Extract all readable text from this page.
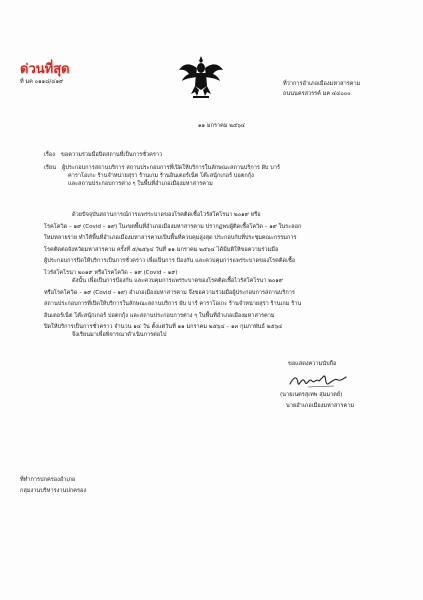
ด่วนที่สุด
ที่ มค ๐๑๑๘/๔๑๙	ที่ว่าการอำเภอเมืองมหาสารคาม
ถนนนครสวรรค์ มค ๔๔๐๐๐
๑๑ มกราคม ๒๕๖๔
เรื่อง ขอความร่วมมือปิดสถานที่เป็นการชั่วคราว
เรียน ผู้ประกอบการสถานบริการ สถานประกอบการที่เปิดให้บริการในลักษณะสถานบริการ ผับ บาร์
คาราโอเกะ ร้านจำหน่ายสุรา ร้านเกม ร้านอินเตอร์เน็ต โต๊ะสนุ้กเกอร์ บ่อตกกุ้ง
และสถานประกอบการต่าง ๆ ในพื้นที่อำเภอเมืองมหาสารคาม
ด้วยปัจจุบันสถานการณ์การแพร่ระบาดของโรคติดเชื้อไวรัสโคโรนา ๒๐๑๙ หรือ
โรคโควิด – ๑๙ (Covid – ๑๙) ในเขตพื้นที่อำเภอเมืองมหาสารคาม ปรากฏพบผู้ติดเชื้อโควิด – ๑๙ ในระลอก
ใหม่หลายราย ทำให้พื้นที่อำเภอเมืองมหาสารคามเป็นพื้นที่ควบคุมสูงสุด ประกอบกับที่ประชุมคณะกรรมการ
โรคติดต่อจังหวัดมหาสารคาม ครั้งที่ ๕/๒๕๖๔ วันที่ ๑๑ มกราคม ๒๕๖๔ ได้มีมติให้ขอความร่วมมือ
ผู้ประกอบการปิดให้บริการเป็นการชั่วคราว เพื่อเป็นการ ป้องกัน และควบคุมการแพร่ระบาดของโรคติดเชื้อ
ไวรัสโคโรนา ๒๐๑๙ หรือโรคโควิด – ๑๙ (Covid – ๑๙)
ดังนั้น เพื่อเป็นการป้องกัน และควบคุมการแพร่ระบาดของโรคติดเชื้อไวรัสโคโรนา ๒๐๑๙
หรือโรคโควิด – ๑๙ (Covid – ๑๙) อำเภอเมืองมหาสารคาม จึงขอความร่วมมือผู้ประกอบการสถานบริการ
สถานประกอบการที่เปิดให้บริการในลักษณะสถานบริการ ผับ บาร์ คาราโอเกะ ร้านจำหน่ายสุรา ร้านเกม ร้าน
อินเตอร์เน็ต โต๊ะสนุ้กเกอร์ บ่อตกกุ้ง และสถานประกอบการต่าง ๆ ในพื้นที่อำเภอเมืองมหาสารคาม
ปิดให้บริการเป็นการชั่วคราว จำนวน ๑๔ วัน ตั้งแต่วันที่ ๑๑ มกราคม ๒๕๖๔ – ๑๓ กุมภาพันธ์ ๒๕๖๔
จึงเรียนมาเพื่อพิจารณาดำเนินการต่อไป
ขอแสดงความนับถือ
(นายเนตรสุเทพ สุ่มมาตย์)
นายอำเภอเมืองมหาสารคาม
ที่ทำการปกครองอำเภอ
กลุ่มงานบริหารงานปกครอง
